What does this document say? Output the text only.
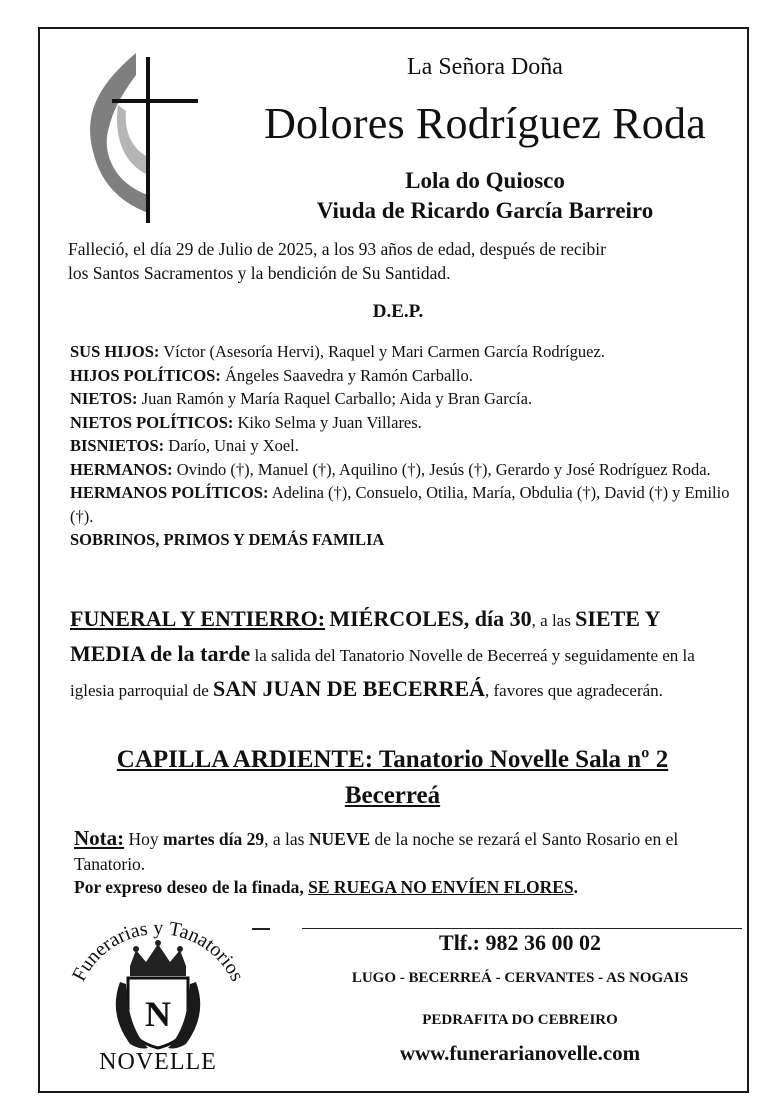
La Señora Doña

Dolores Rodríguez Roda

Lola do Quiosco

Viuda de Ricardo García Barreiro

Falleció, el día 29 de Julio de 2025, a los 93 años de edad, después de recibir
los Santos Sacramentos y la bendición de Su Santidad.

D.E.P.

SUS HIJOS: Víctor (Asesoría Hervi), Raquel y Mari Carmen García Rodríguez.

HIJOS POLÍTICOS: Ángeles Saavedra y Ramón Carballo.

NIETOS: Juan Ramón y María Raquel Carballo; Aida y Bran García.

NIETOS POLÍTICOS: Kiko Selma y Juan Villares.

BISNIETOS: Darío, Unai y Xoel.

HERMANOS: Ovindo (†), Manuel (†), Aquilino (†), Jesús (†), Gerardo y José Rodríguez Roda.

HERMANOS POLÍTICOS: Adelina (†), Consuelo, Otilia, María, Obdulia (†), David (†) y Emilio (†).

SOBRINOS, PRIMOS Y DEMÁS FAMILIA

FUNERAL Y ENTIERRO: MIÉRCOLES, día 30, a las SIETE Y MEDIA de la tarde la salida del Tanatorio Novelle de Becerreá y seguidamente en la iglesia parroquial de SAN JUAN DE BECERREÁ, favores que agradecerán.
CAPILLA ARDIENTE: Tanatorio Novelle Sala nº 2
Becerreá
Nota: Hoy martes día 29, a las NUEVE de la noche se rezará el Santo Rosario en el Tanatorio.
Por expreso deseo de la finada, SE RUEGA NO ENVÍEN FLORES.
Funerarias y Tanatorios
N

NOVELLE

Tlf.: 982 36 00 02

LUGO - BECERREÁ - CERVANTES - AS NOGAIS

PEDRAFITA DO CEBREIRO

www.funerarianovelle.com
